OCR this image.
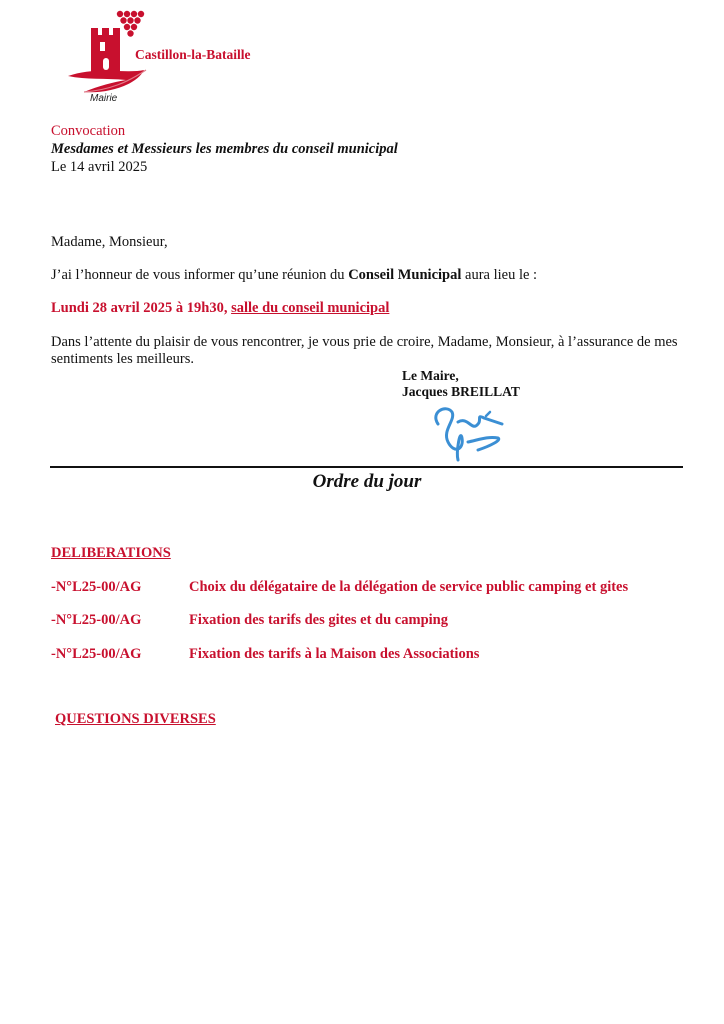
Castillon-la-Bataille
Mairie
Convocation
Mesdames et Messieurs les membres du conseil municipal
Le 14 avril 2025
Madame, Monsieur,
J’ai l’honneur de vous informer qu’une réunion du Conseil Municipal aura lieu le :
Lundi 28 avril 2025 à 19h30, salle du conseil municipal
Dans l’attente du plaisir de vous rencontrer, je vous prie de croire, Madame, Monsieur, à l’assurance de mes
sentiments les meilleurs.
Le Maire,
Jacques BREILLAT
Ordre du jour
DELIBERATIONS
-N°L25-00/AG	Choix du délégataire de la délégation de service public camping et gites
-N°L25-00/AG	Fixation des tarifs des gites et du camping
-N°L25-00/AG	Fixation des tarifs à la Maison des Associations
QUESTIONS DIVERSES
